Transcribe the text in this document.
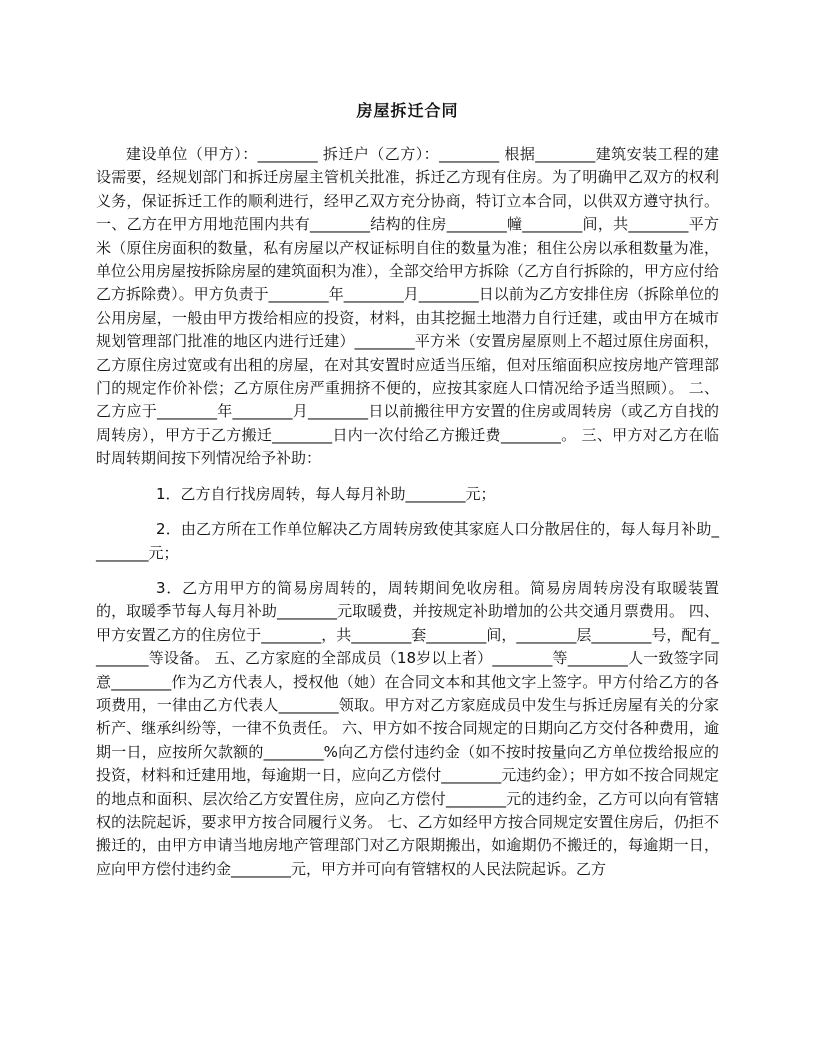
房屋拆迁合同

建设单位（甲方）：________ 拆迁户（乙方）：________ 根据________建筑安装工程的建设需要，经规划部门和拆迁房屋主管机关批准，拆迁乙方现有住房。为了明确甲乙双方的权利义务，保证拆迁工作的顺利进行，经甲乙双方充分协商，特订立本合同，以供双方遵守执行。 一、乙方在甲方用地范围内共有________结构的住房________幢________间，共________平方米（原住房面积的数量，私有房屋以产权证标明自住的数量为准；租住公房以承租数量为准，单位公用房屋按拆除房屋的建筑面积为准），全部交给甲方拆除（乙方自行拆除的，甲方应付给乙方拆除费）。甲方负责于________年________月________日以前为乙方安排住房（拆除单位的公用房屋，一般由甲方拨给相应的投资，材料，由其挖掘土地潜力自行迁建，或由甲方在城市规划管理部门批准的地区内进行迁建）________平方米（安置房屋原则上不超过原住房面积，乙方原住房过宽或有出租的房屋，在对其安置时应适当压缩，但对压缩面积应按房地产管理部门的规定作价补偿；乙方原住房严重拥挤不便的，应按其家庭人口情况给予适当照顾）。 二、乙方应于________年________月________日以前搬往甲方安置的住房或周转房（或乙方自找的周转房），甲方于乙方搬迁________日内一次付给乙方搬迁费________。 三、甲方对乙方在临时周转期间按下列情况给予补助：

1．乙方自行找房周转，每人每月补助________元；

2．由乙方所在工作单位解决乙方周转房致使其家庭人口分散居住的，每人每月补助________元；

3．乙方用甲方的简易房周转的，周转期间免收房租。简易房周转房没有取暖装置的，取暖季节每人每月补助________元取暖费，并按规定补助增加的公共交通月票费用。 四、甲方安置乙方的住房位于________，共________套________间，________层________号，配有________等设备。 五、乙方家庭的全部成员（18岁以上者）________等________人一致签字同意________作为乙方代表人，授权他（她）在合同文本和其他文字上签字。甲方付给乙方的各项费用，一律由乙方代表人________领取。甲方对乙方家庭成员中发生与拆迁房屋有关的分家析产、继承纠纷等，一律不负责任。 六、甲方如不按合同规定的日期向乙方交付各种费用，逾期一日，应按所欠款额的________%向乙方偿付违约金（如不按时按量向乙方单位拨给报应的投资，材料和迁建用地，每逾期一日，应向乙方偿付________元违约金）；甲方如不按合同规定的地点和面积、层次给乙方安置住房，应向乙方偿付________元的违约金，乙方可以向有管辖权的法院起诉，要求甲方按合同履行义务。 七、乙方如经甲方按合同规定安置住房后，仍拒不搬迁的，由甲方申请当地房地产管理部门对乙方限期搬出，如逾期仍不搬迁的，每逾期一日，应向甲方偿付违约金________元，甲方并可向有管辖权的人民法院起诉。乙方
